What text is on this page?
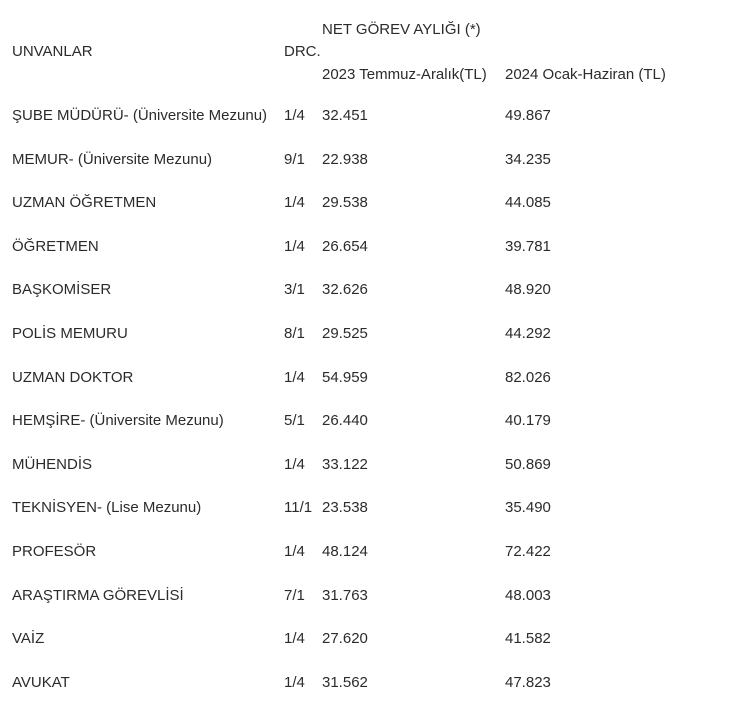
UNVANLAR	DRC.
NET GÖREV AYLIĞI (*)
2023 Temmuz-Aralık(TL) 2024 Ocak-Haziran (TL)
ŞUBE MÜDÜRÜ- (Üniversite Mezunu)	1/4 32.451	49.867
MEMUR- (Üniversite Mezunu)	9/1 22.938	34.235
UZMAN ÖĞRETMEN	1/4 29.538	44.085
ÖĞRETMEN	1/4 26.654	39.781
BAŞKOMİSER	3/1 32.626	48.920
POLİS MEMURU	8/1 29.525	44.292
UZMAN DOKTOR	1/4 54.959	82.026
HEMŞİRE- (Üniversite Mezunu)	5/1 26.440	40.179
MÜHENDİS	1/4 33.122	50.869
TEKNİSYEN- (Lise Mezunu)	11/1 23.538	35.490
PROFESÖR	1/4 48.124	72.422
ARAŞTIRMA GÖREVLİSİ	7/1 31.763	48.003
VAİZ	1/4 27.620	41.582
AVUKAT	1/4 31.562	47.823
